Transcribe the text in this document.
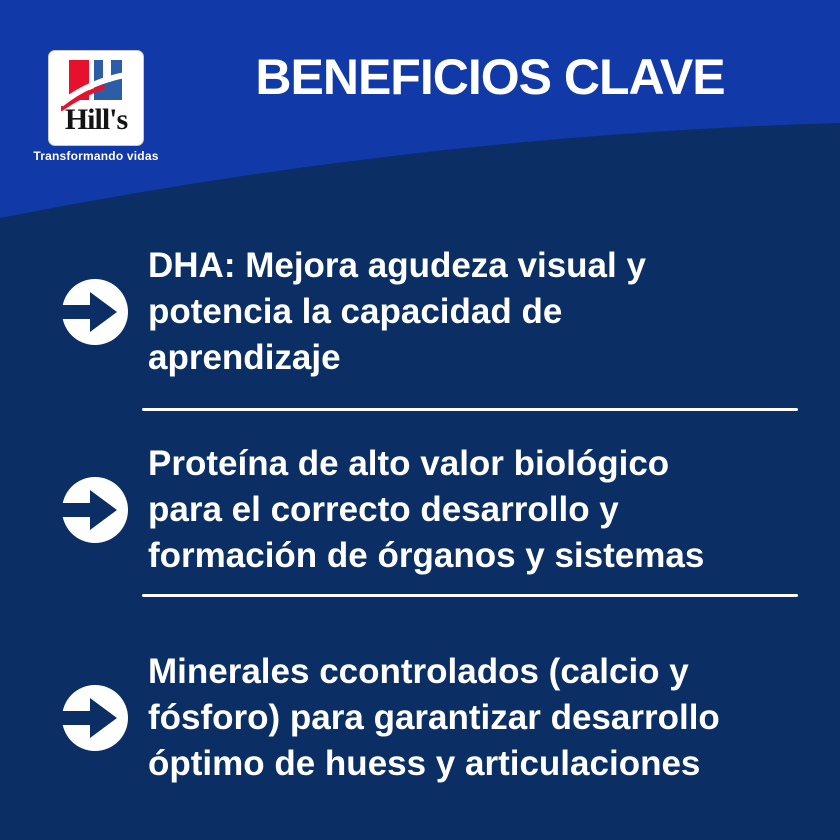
Hill's
Transformando vidas
BENEFICIOS CLAVE
DHA: Mejora agudeza visual y
potencia la capacidad de
aprendizaje
Proteína de alto valor biológico
para el correcto desarrollo y
formación de órganos y sistemas
Minerales ccontrolados (calcio y
fósforo) para garantizar desarrollo
óptimo de huess y articulaciones
